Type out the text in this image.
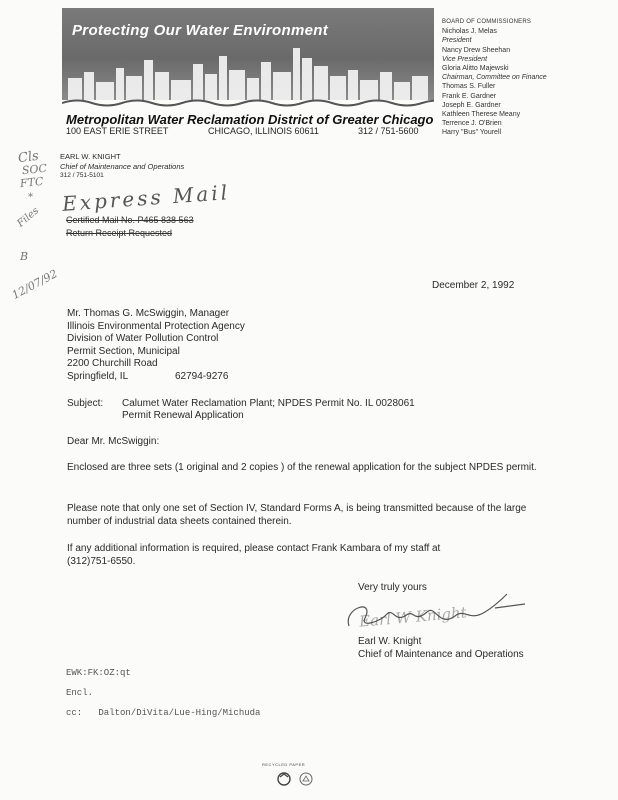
Protecting Our Water Environment
Metropolitan Water Reclamation District of Greater Chicago
100 EAST ERIE STREET	CHICAGO, ILLINOIS 60611	312 / 751-5600
BOARD OF COMMISSIONERS
Nicholas J. Melas
President
Nancy Drew Sheehan
Vice President
Gloria Alitto Majewski
Chairman, Committee on Finance
Thomas S. Fuller
Frank E. Gardner
Joseph E. Gardner
Kathleen Therese Meany
Terrence J. O'Brien
Harry "Bus" Yourell
EARL W. KNIGHT
Chief of Maintenance and Operations
312 / 751-5101
Cls
SOC
FTC
*
Files
B
12/07/92
Express Mail
Certified Mail No. P465 838 563
Return Receipt Requested
December 2, 1992
Mr. Thomas G. McSwiggin, Manager
Illinois Environmental Protection Agency
Division of Water Pollution Control
Permit Section, Municipal
2200 Churchill Road
Springfield, IL	62794-9276
Subject: Calumet Water Reclamation Plant; NPDES Permit No. IL 0028061
Permit Renewal Application
Dear Mr. McSwiggin:
Enclosed are three sets (1 original and 2 copies ) of the renewal application for the subject NPDES permit.
Please note that only one set of Section IV, Standard Forms A, is being transmitted because of the large number of industrial data sheets contained therein.
If any additional information is required, please contact Frank Kambara of my staff at (312)751-6550.
Very truly yours
Earl W Knight
Earl W. Knight
Chief of Maintenance and Operations
EWK:FK:OZ:qt
Encl.
cc:   Dalton/DiVita/Lue-Hing/Michuda
RECYCLED PAPER
